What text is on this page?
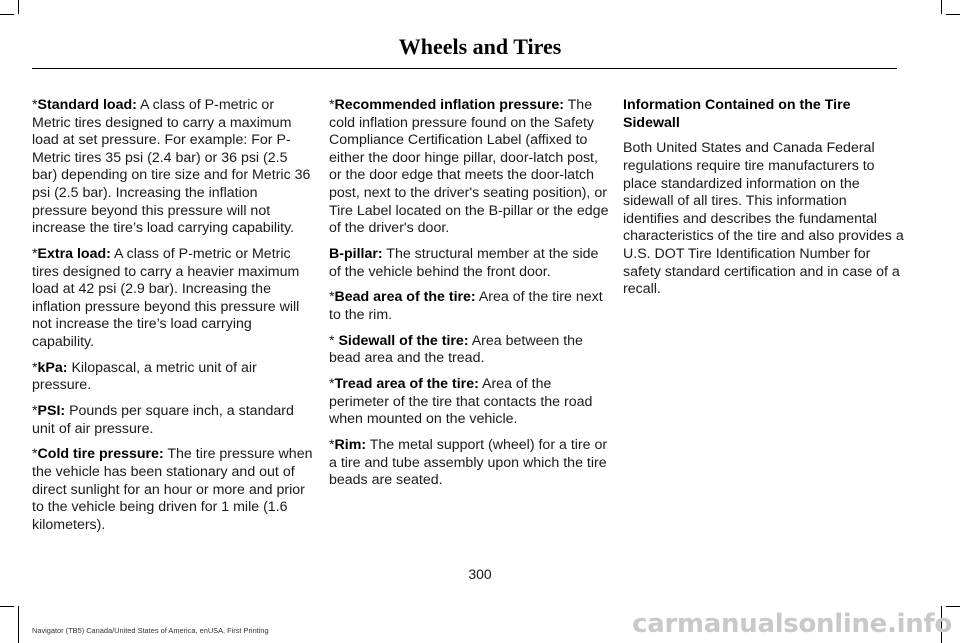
Wheels and Tires
*Standard load: A class of P-metric or Metric tires designed to carry a maximum load at set pressure. For example: For P-Metric tires 35 psi (2.4 bar) or 36 psi (2.5 bar) depending on tire size and for Metric 36 psi (2.5 bar). Increasing the inflation pressure beyond this pressure will not increase the tire’s load carrying capability.
*Extra load: A class of P-metric or Metric tires designed to carry a heavier maximum load at 42 psi (2.9 bar). Increasing the inflation pressure beyond this pressure will not increase the tire’s load carrying capability.
*kPa: Kilopascal, a metric unit of air pressure.
*PSI: Pounds per square inch, a standard unit of air pressure.
*Cold tire pressure: The tire pressure when the vehicle has been stationary and out of direct sunlight for an hour or more and prior to the vehicle being driven for 1 mile (1.6 kilometers).
*Recommended inflation pressure: The cold inflation pressure found on the Safety Compliance Certification Label (affixed to either the door hinge pillar, door-latch post, or the door edge that meets the door-latch post, next to the driver's seating position), or Tire Label located on the B-pillar or the edge of the driver's door.
B-pillar: The structural member at the side of the vehicle behind the front door.
*Bead area of the tire: Area of the tire next to the rim.
* Sidewall of the tire: Area between the bead area and the tread.
*Tread area of the tire: Area of the perimeter of the tire that contacts the road when mounted on the vehicle.
*Rim: The metal support (wheel) for a tire or a tire and tube assembly upon which the tire beads are seated.
Information Contained on the Tire Sidewall
Both United States and Canada Federal regulations require tire manufacturers to place standardized information on the sidewall of all tires. This information identifies and describes the fundamental characteristics of the tire and also provides a U.S. DOT Tire Identification Number for safety standard certification and in case of a recall.
300
Navigator (TB5) Canada/United States of America, enUSA, First Printing	carmanualsonline.info
